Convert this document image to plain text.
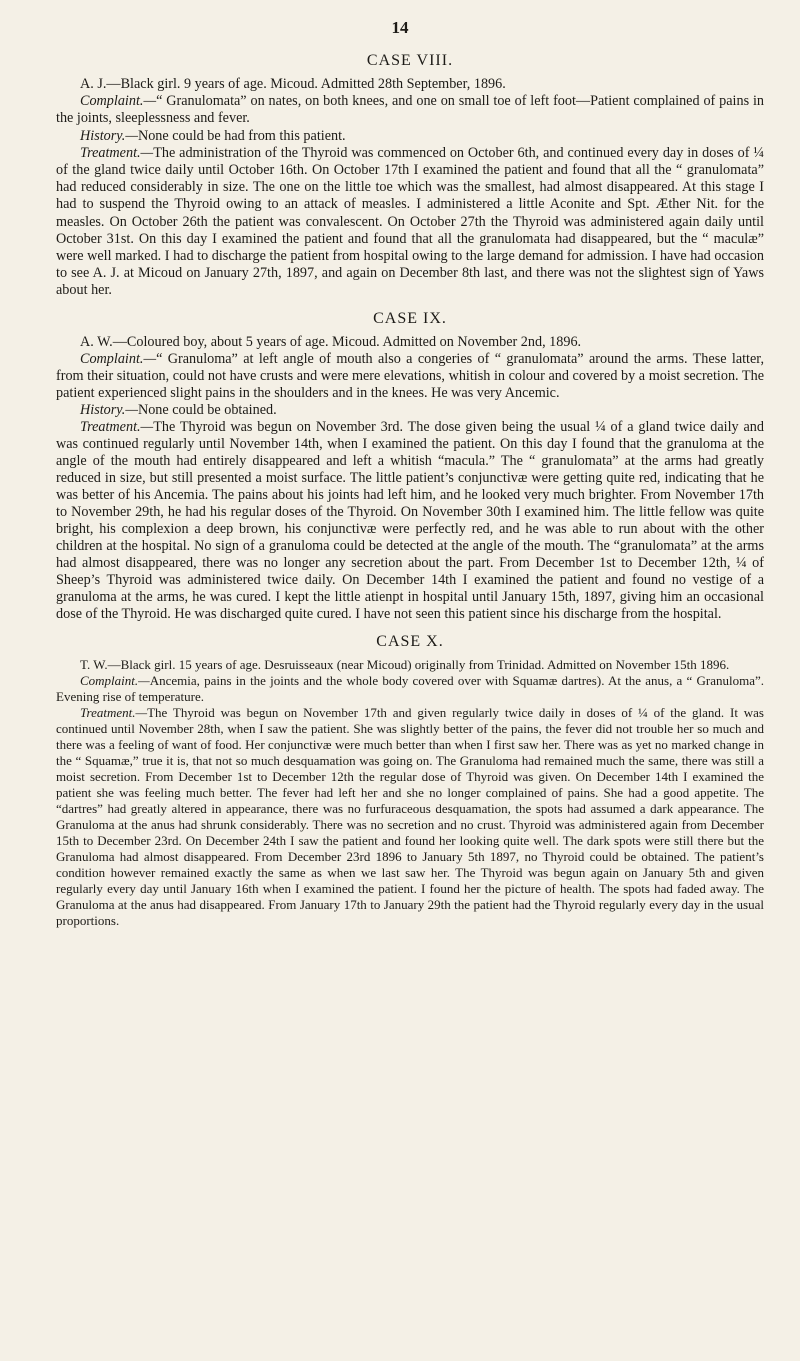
14
CASE VIII.

A. J.—Black girl. 9 years of age. Micoud. Admitted 28th September, 1896.

Complaint.—“ Granulomata” on nates, on both knees, and one on small toe of left foot—Patient complained of pains in the joints, sleeplessness and fever.

History.—None could be had from this patient.

Treatment.—The administration of the Thyroid was commenced on October 6th, and continued every day in doses of ¼ of the gland twice daily until October 16th. On October 17th I examined the patient and found that all the “ granulomata” had reduced considerably in size. The one on the little toe which was the smallest, had almost disappeared. At this stage I had to suspend the Thyroid owing to an attack of measles. I administered a little Aconite and Spt. Æther Nit. for the measles. On October 26th the patient was convalescent. On October 27th the Thyroid was administered again daily until October 31st. On this day I examined the patient and found that all the granulomata had disappeared, but the “ maculæ” were well marked. I had to discharge the patient from hospital owing to the large demand for admission. I have had occasion to see A. J. at Micoud on January 27th, 1897, and again on December 8th last, and there was not the slightest sign of Yaws about her.

CASE IX.

A. W.—Coloured boy, about 5 years of age. Micoud. Admitted on November 2nd, 1896.

Complaint.—“ Granuloma” at left angle of mouth also a congeries of “ granulomata” around the arms. These latter, from their situation, could not have crusts and were mere elevations, whitish in colour and covered by a moist secretion. The patient experienced slight pains in the shoulders and in the knees. He was very Ancemic.

History.—None could be obtained.

Treatment.—The Thyroid was begun on November 3rd. The dose given being the usual ¼ of a gland twice daily and was continued regularly until November 14th, when I examined the patient. On this day I found that the granuloma at the angle of the mouth had entirely disappeared and left a whitish “macula.” The “ granulomata” at the arms had greatly reduced in size, but still presented a moist surface. The little patient’s conjunctivæ were getting quite red, indicating that he was better of his Ancemia. The pains about his joints had left him, and he looked very much brighter. From November 17th to November 29th, he had his regular doses of the Thyroid. On November 30th I examined him. The little fellow was quite bright, his complexion a deep brown, his conjunctivæ were perfectly red, and he was able to run about with the other children at the hospital. No sign of a granuloma could be detected at the angle of the mouth. The “granulomata” at the arms had almost disappeared, there was no longer any secretion about the part. From December 1st to December 12th, ¼ of Sheep’s Thyroid was administered twice daily. On December 14th I examined the patient and found no vestige of a granuloma at the arms, he was cured. I kept the little atienpt in hospital until January 15th, 1897, giving him an occasional dose of the Thyroid. He was discharged quite cured. I have not seen this patient since his discharge from the hospital.

CASE X.

T. W.—Black girl. 15 years of age. Desruisseaux (near Micoud) originally from Trinidad. Admitted on November 15th 1896.

Complaint.—Ancemia, pains in the joints and the whole body covered over with Squamæ dartres). At the anus, a “ Granuloma”. Evening rise of temperature.

Treatment.—The Thyroid was begun on November 17th and given regularly twice daily in doses of ¼ of the gland. It was continued until November 28th, when I saw the patient. She was slightly better of the pains, the fever did not trouble her so much and there was a feeling of want of food. Her conjunctivæ were much better than when I first saw her. There was as yet no marked change in the “ Squamæ,” true it is, that not so much desquamation was going on. The Granuloma had remained much the same, there was still a moist secretion. From December 1st to December 12th the regular dose of Thyroid was given. On December 14th I examined the patient she was feeling much better. The fever had left her and she no longer complained of pains. She had a good appetite. The “dartres” had greatly altered in appearance, there was no furfuraceous desquamation, the spots had assumed a dark appearance. The Granuloma at the anus had shrunk considerably. There was no secretion and no crust. Thyroid was administered again from December 15th to December 23rd. On December 24th I saw the patient and found her looking quite well. The dark spots were still there but the Granuloma had almost disappeared. From December 23rd 1896 to January 5th 1897, no Thyroid could be obtained. The patient’s condition however remained exactly the same as when we last saw her. The Thyroid was begun again on January 5th and given regularly every day until January 16th when I examined the patient. I found her the picture of health. The spots had faded away. The Granuloma at the anus had disappeared. From January 17th to January 29th the patient had the Thyroid regularly every day in the usual proportions.
